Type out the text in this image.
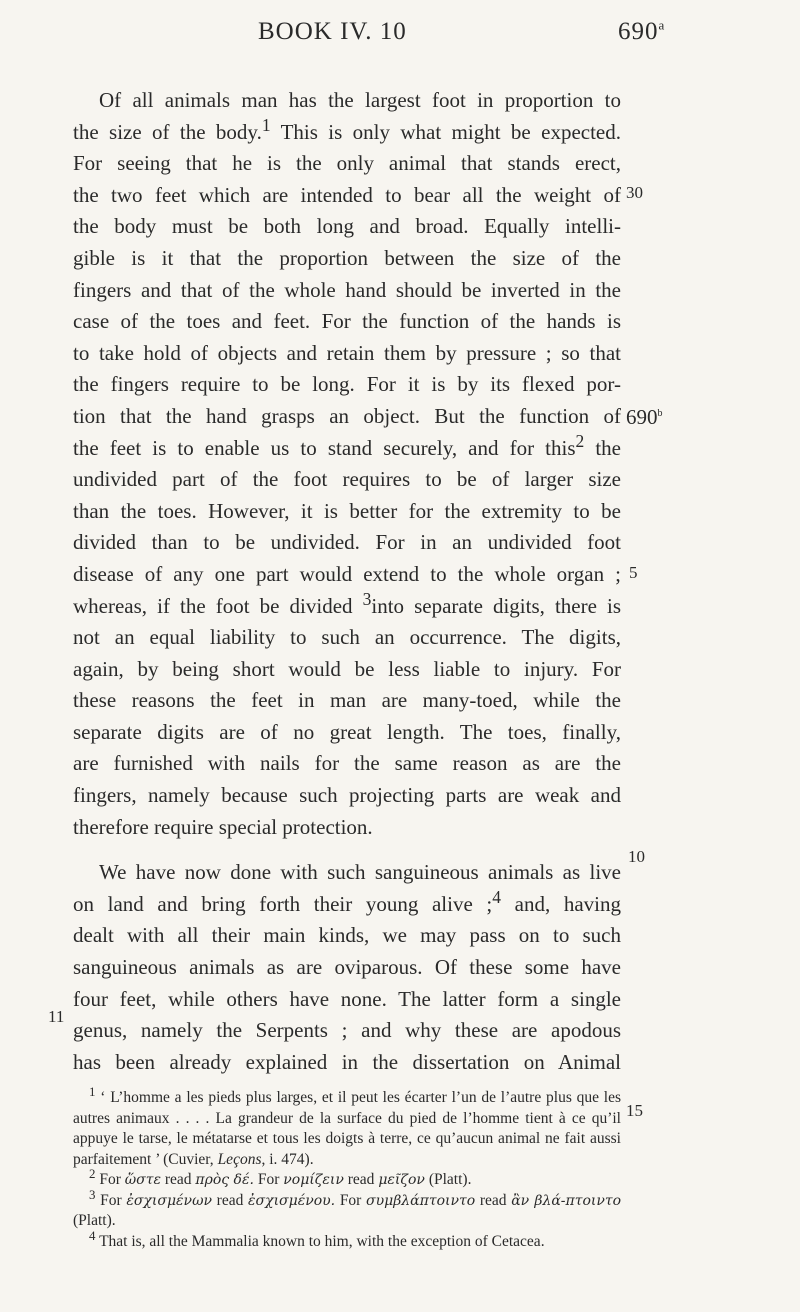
BOOK IV. 10	690$^a$
Of all animals man has the largest foot in proportion to
the size of the body.$^1$ This is only what might be expected.
For seeing that he is the only animal that stands erect,
the two feet which are intended to bear all the weight of
the body must be both long and broad. Equally intelli-
gible is it that the proportion between the size of the
fingers and that of the whole hand should be inverted in the
case of the toes and feet. For the function of the hands is
to take hold of objects and retain them by pressure ; so that
the fingers require to be long. For it is by its flexed por-
tion that the hand grasps an object. But the function of
the feet is to enable us to stand securely, and for this$^2$ the
undivided part of the foot requires to be of larger size
than the toes. However, it is better for the extremity to be
divided than to be undivided. For in an undivided foot
disease of any one part would extend to the whole organ ;
whereas, if the foot be divided $^3$into separate digits, there is
not an equal liability to such an occurrence. The digits,
again, by being short would be less liable to injury. For
these reasons the feet in man are many-toed, while the
separate digits are of no great length. The toes, finally,
are furnished with nails for the same reason as are the
fingers, namely because such projecting parts are weak and
therefore require special protection.
We have now done with such sanguineous animals as live
on land and bring forth their young alive ;$^4$ and, having
dealt with all their main kinds, we may pass on to such
sanguineous animals as are oviparous. Of these some have
four feet, while others have none. The latter form a single
genus, namely the Serpents ; and why these are apodous
has been already explained in the dissertation on Animal
30
690$^b$
5
10
11
15
$^1$ ‘ L’homme a les pieds plus larges, et il peut les écarter l’un de l’autre plus que les autres animaux . . . . La grandeur de la surface du pied de l’homme tient à ce qu’il appuye le tarse, le métatarse et tous les doigts à terre, ce qu’aucun animal ne fait aussi parfaitement ’ (Cuvier, Leçons, i. 474).
$^2$ For ὥστε read πρὸς δέ. For νομίζειν read μεῖζον (Platt).
$^3$ For ἐσχισμένων read ἐσχισμένου. For συμβλάπτοιντο read ἂν βλά-πτοιντο (Platt).
$^4$ That is, all the Mammalia known to him, with the exception of Cetacea.
